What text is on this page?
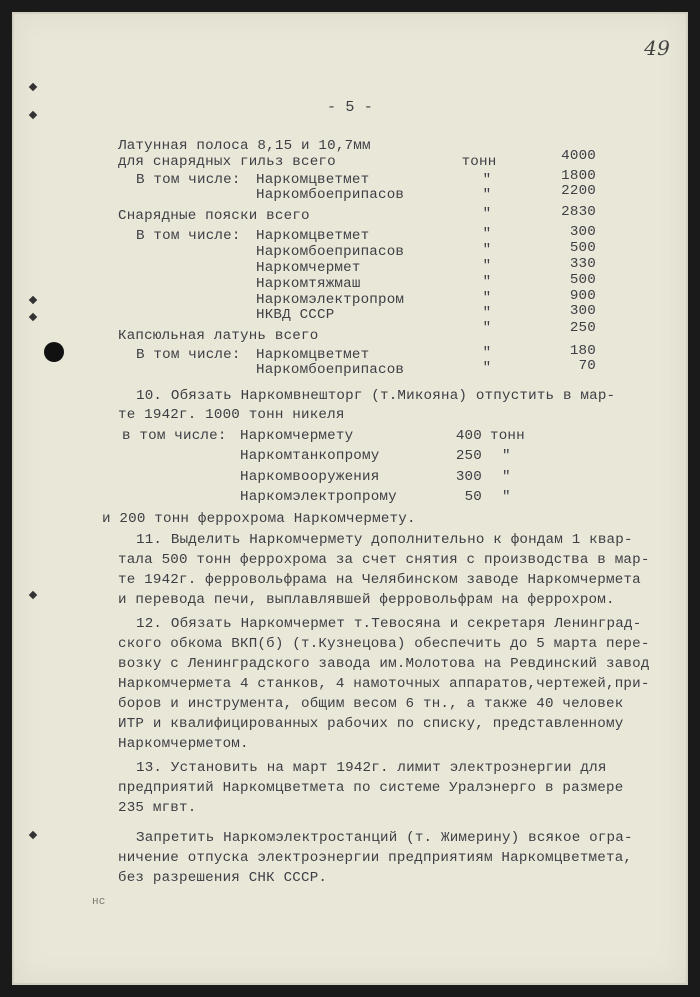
49
- 5 -
Латунная полоса 8,15 и 10,7мм
для снарядных гильз всего	тонн	4000
В том числе: Наркомцветмет	"	1800
Наркомбоеприпасов	"	2200
Снарядные пояски всего	"	2830
В том числе: Наркомцветмет	"	300
Наркомбоеприпасов	"	500
Наркомчермет	"	330
Наркомтяжмаш	"	500
Наркомэлектропром	"	900
НКВД СССР	"	300
Капсюльная латунь всего	"	250
В том числе: Наркомцветмет	"	180
Наркомбоеприпасов	"	70
10. Обязать Наркомвнешторг (т.Микояна) отпустить в мар-
те 1942г. 1000 тонн никеля
в том числе: Наркомчермету	400 тонн
Наркомтанкопрому	250 "
Наркомвооружения	300 "
Наркомэлектропрому	50 "
и 200 тонн феррохрома Наркомчермету.
11. Выделить Наркомчермету дополнительно к фондам 1 квар-
тала 500 тонн феррохрома за счет снятия с производства в мар-
те 1942г. ферровольфрама на Челябинском заводе Наркомчермета
и перевода печи, выплавлявшей ферровольфрам на феррохром.
12. Обязать Наркомчермет т.Тевосяна и секретаря Ленинград-
ского обкома ВКП(б) (т.Кузнецова) обеспечить до 5 марта пере-
возку с Ленинградского завода им.Молотова на Ревдинский завод
Наркомчермета 4 станков, 4 намоточных аппаратов,чертежей,при-
боров и инструмента, общим весом 6 тн., а также 40 человек
ИТР и квалифицированных рабочих по списку, представленному
Наркомчерметом.
13. Установить на март 1942г. лимит электроэнергии для
предприятий Наркомцветмета по системе Уралэнерго в размере
235 мгвт.
Запретить Наркомэлектростанций (т. Жимерину) всякое огра-
ничение отпуска электроэнергии предприятиям Наркомцветмета,
без разрешения СНК СССР.
нс
